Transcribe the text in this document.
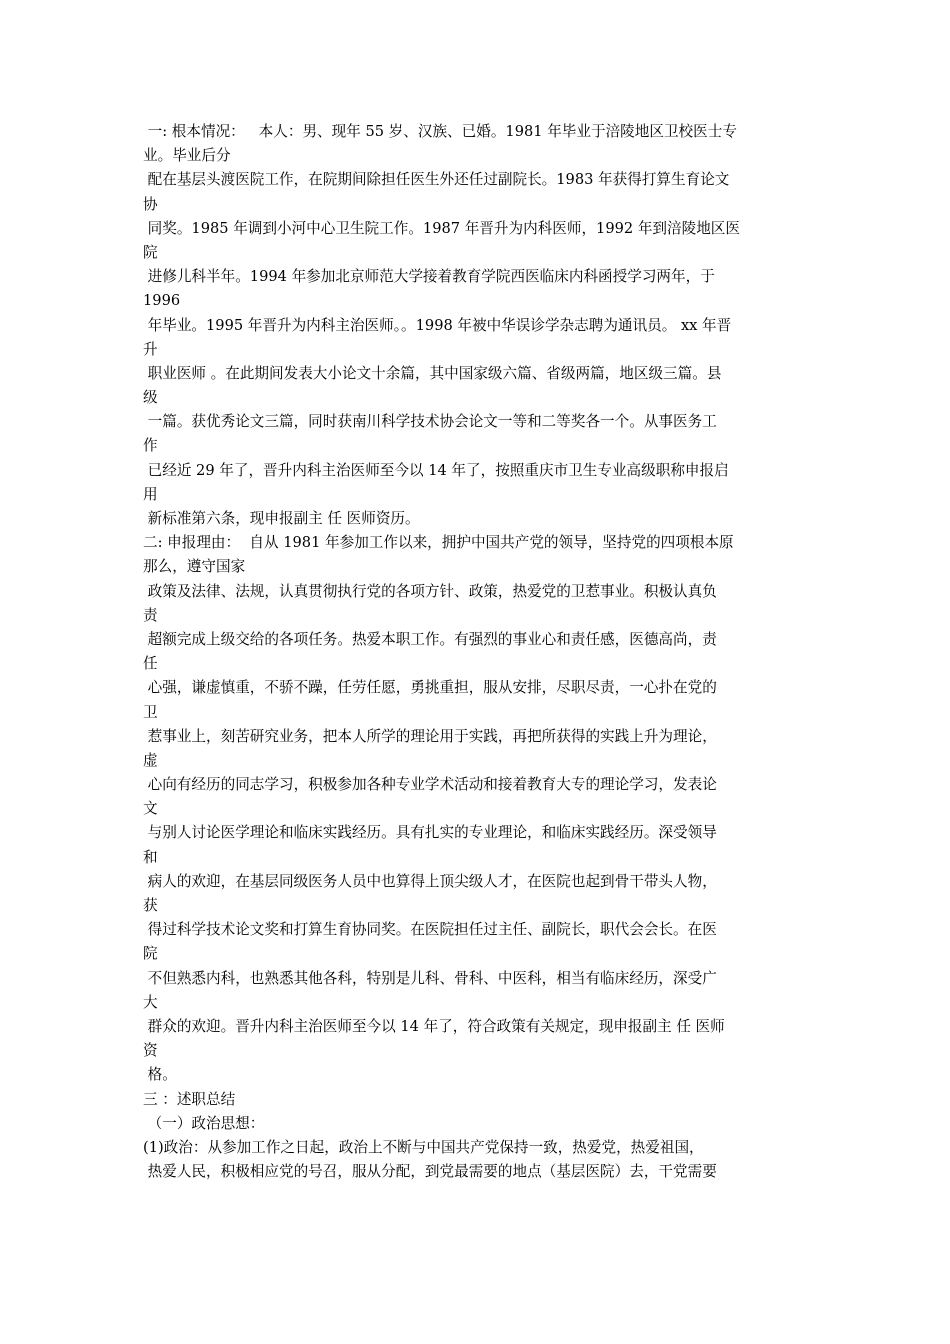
一: 根本情况：   本人：男、现年 55 岁、汉族、已婚。1981 年毕业于涪陵地区卫校医士专
业。毕业后分
配在基层头渡医院工作，在院期间除担任医生外还任过副院长。1983 年获得打算生育论文
协
同奖。1985 年调到小河中心卫生院工作。1987 年晋升为内科医师，1992 年到涪陵地区医
院
进修儿科半年。1994 年参加北京师范大学接着教育学院西医临床内科函授学习两年，于
1996
年毕业。1995 年晋升为内科主治医师。。1998 年被中华误诊学杂志聘为通讯员。 xx 年晋
升
职业医师 。在此期间发表大小论文十余篇，其中国家级六篇、省级两篇，地区级三篇。县
级
一篇。获优秀论文三篇，同时获南川科学技术协会论文一等和二等奖各一个。从事医务工
作
已经近 29 年了，晋升内科主治医师至今以 14 年了，按照重庆市卫生专业高级职称申报启
用
新标准第六条，现申报副主 任 医师资历。
二: 申报理由：  自从 1981 年参加工作以来，拥护中国共产党的领导，坚持党的四项根本原
那么，遵守国家
政策及法律、法规，认真贯彻执行党的各项方针、政策，热爱党的卫惹事业。积极认真负
责
超额完成上级交给的各项任务。热爱本职工作。有强烈的事业心和责任感，医德高尚，责
任
心强，谦虚慎重，不骄不躁，任劳任愿，勇挑重担，服从安排，尽职尽责，一心扑在党的
卫
惹事业上，刻苦研究业务，把本人所学的理论用于实践，再把所获得的实践上升为理论，
虚
心向有经历的同志学习，积极参加各种专业学术活动和接着教育大专的理论学习，发表论
文
与别人讨论医学理论和临床实践经历。具有扎实的专业理论，和临床实践经历。深受领导
和
病人的欢迎，在基层同级医务人员中也算得上顶尖级人才，在医院也起到骨干带头人物，
获
得过科学技术论文奖和打算生育协同奖。在医院担任过主任、副院长，职代会会长。在医
院
不但熟悉内科，也熟悉其他各科，特别是儿科、骨科、中医科，相当有临床经历，深受广
大
群众的欢迎。晋升内科主治医师至今以 14 年了，符合政策有关规定，现申报副主 任 医师
资
格。
三 ：述职总结
（一）政治思想：
(1)政治：从参加工作之日起，政治上不断与中国共产党保持一致，热爱党，热爱祖国，
热爱人民，积极相应党的号召，服从分配，到党最需要的地点（基层医院）去，干党需要
